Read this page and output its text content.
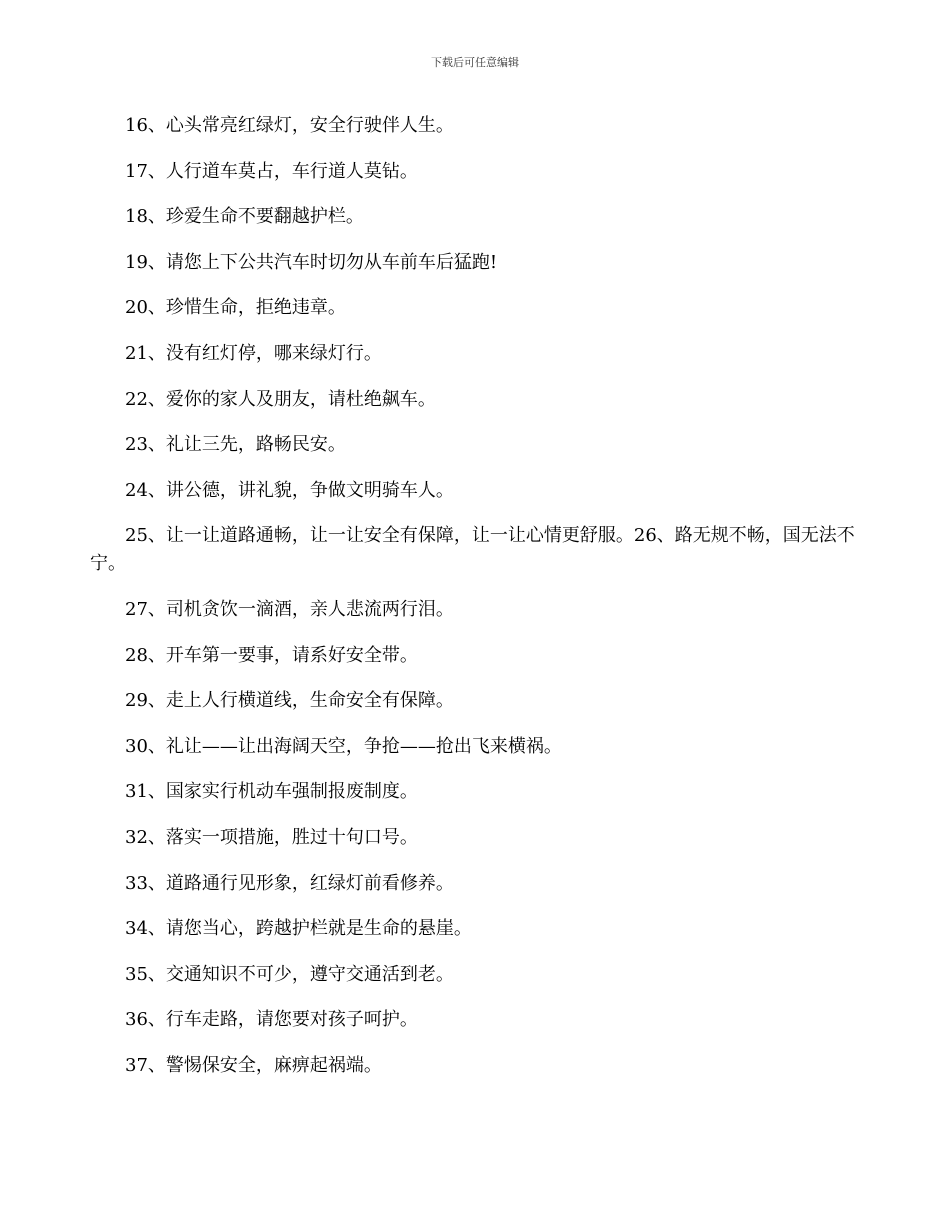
下载后可任意编辑

16、心头常亮红绿灯，安全行驶伴人生。

17、人行道车莫占，车行道人莫钻。

18、珍爱生命不要翻越护栏。

19、请您上下公共汽车时切勿从车前车后猛跑!

20、珍惜生命，拒绝违章。

21、没有红灯停，哪来绿灯行。

22、爱你的家人及朋友，请杜绝飙车。

23、礼让三先，路畅民安。

24、讲公德，讲礼貌，争做文明骑车人。

25、让一让道路通畅，让一让安全有保障，让一让心情更舒服。26、路无规不畅，国无法不宁。

27、司机贪饮一滴酒，亲人悲流两行泪。

28、开车第一要事，请系好安全带。

29、走上人行横道线，生命安全有保障。

30、礼让——让出海阔天空，争抢——抢出飞来横祸。

31、国家实行机动车强制报废制度。

32、落实一项措施，胜过十句口号。

33、道路通行见形象，红绿灯前看修养。

34、请您当心，跨越护栏就是生命的悬崖。

35、交通知识不可少，遵守交通活到老。

36、行车走路，请您要对孩子呵护。

37、警惕保安全，麻痹起祸端。
